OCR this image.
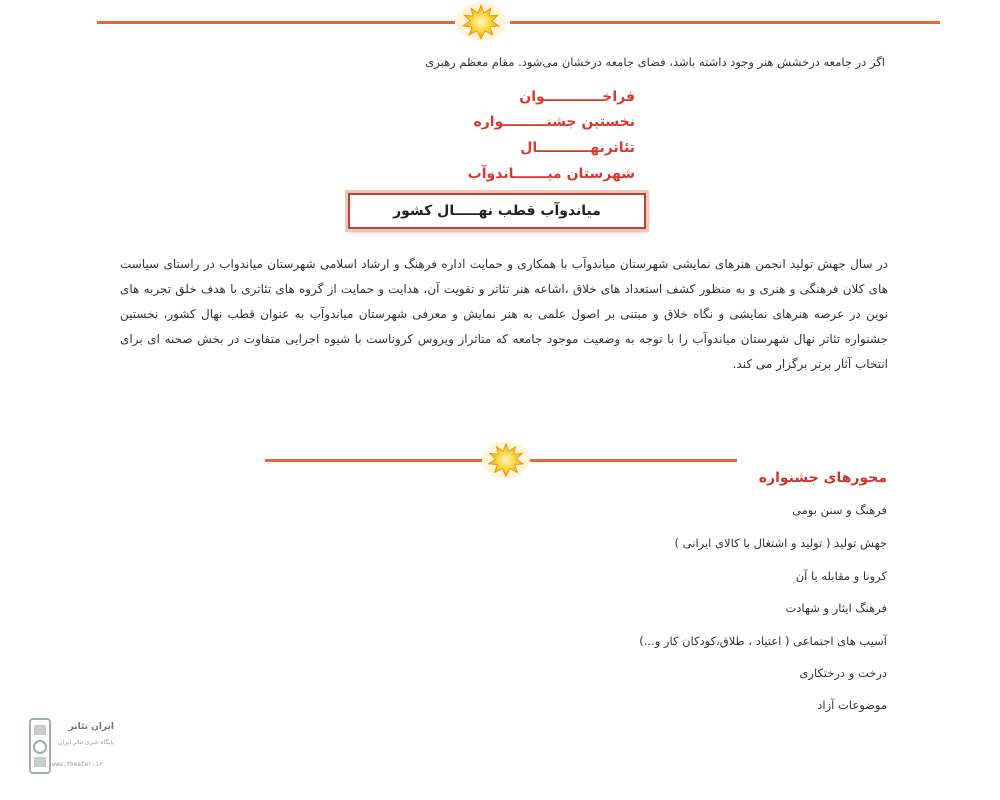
اگر در جامعه درخشش هنر وجود داشته باشد، فضای جامعه درخشان می‌شود. مقام معظم رهبری
فراخــــــــــــوان
نخستین جشنـــــــــواره
تئاترنهـــــــــــال
شهرستان میـــــــاندوآب
میاندوآب قطب نهـــــال کشور
در سال جهش تولید انجمن هنرهای نمایشی شهرستان میاندوآب با همکاری و حمایت اداره فرهنگ و ارشاد اسلامی شهرستان میاندواب در راستای سیاست های کلان فرهنگی و هنری و به منظور کشف استعداد های خلاق ،اشاعه هنر تئاتر و تقویت آن، هدایت و حمایت از گروه های تئاتری با هدف خلق تجربه های نوین در عرصه هنرهای نمایشی و نگاه خلاق و مبتنی بر اصول علمی به هنر نمایش و معرفی شهرستان میاندوآب به عنوان قطب نهال کشور، نخستین جشنواره تئاتر نهال شهرستان میاندوآب را با توجه به وضعیت موجود جامعه که متاثراز ویروس کروناست با شیوه اجرایی متفاوت در بخش صحنه ای برای انتخاب آثار برتر برگزار می کند.
محورهای جشنواره
فرهنگ و سنن بومی
جهش تولید ( تولید و اشتغال با کالای ایرانی )
کرونا و مقابله با آن
فرهنگ ایثار و شهادت
آسیب های اجتماعی ( اعتیاد ، طلاق،کودکان کار و...)
درخت و درختکاری
موضوعات آزاد
ایران تئاتر
پایگاه خبری تئاتر ایران
www.theater.ir
